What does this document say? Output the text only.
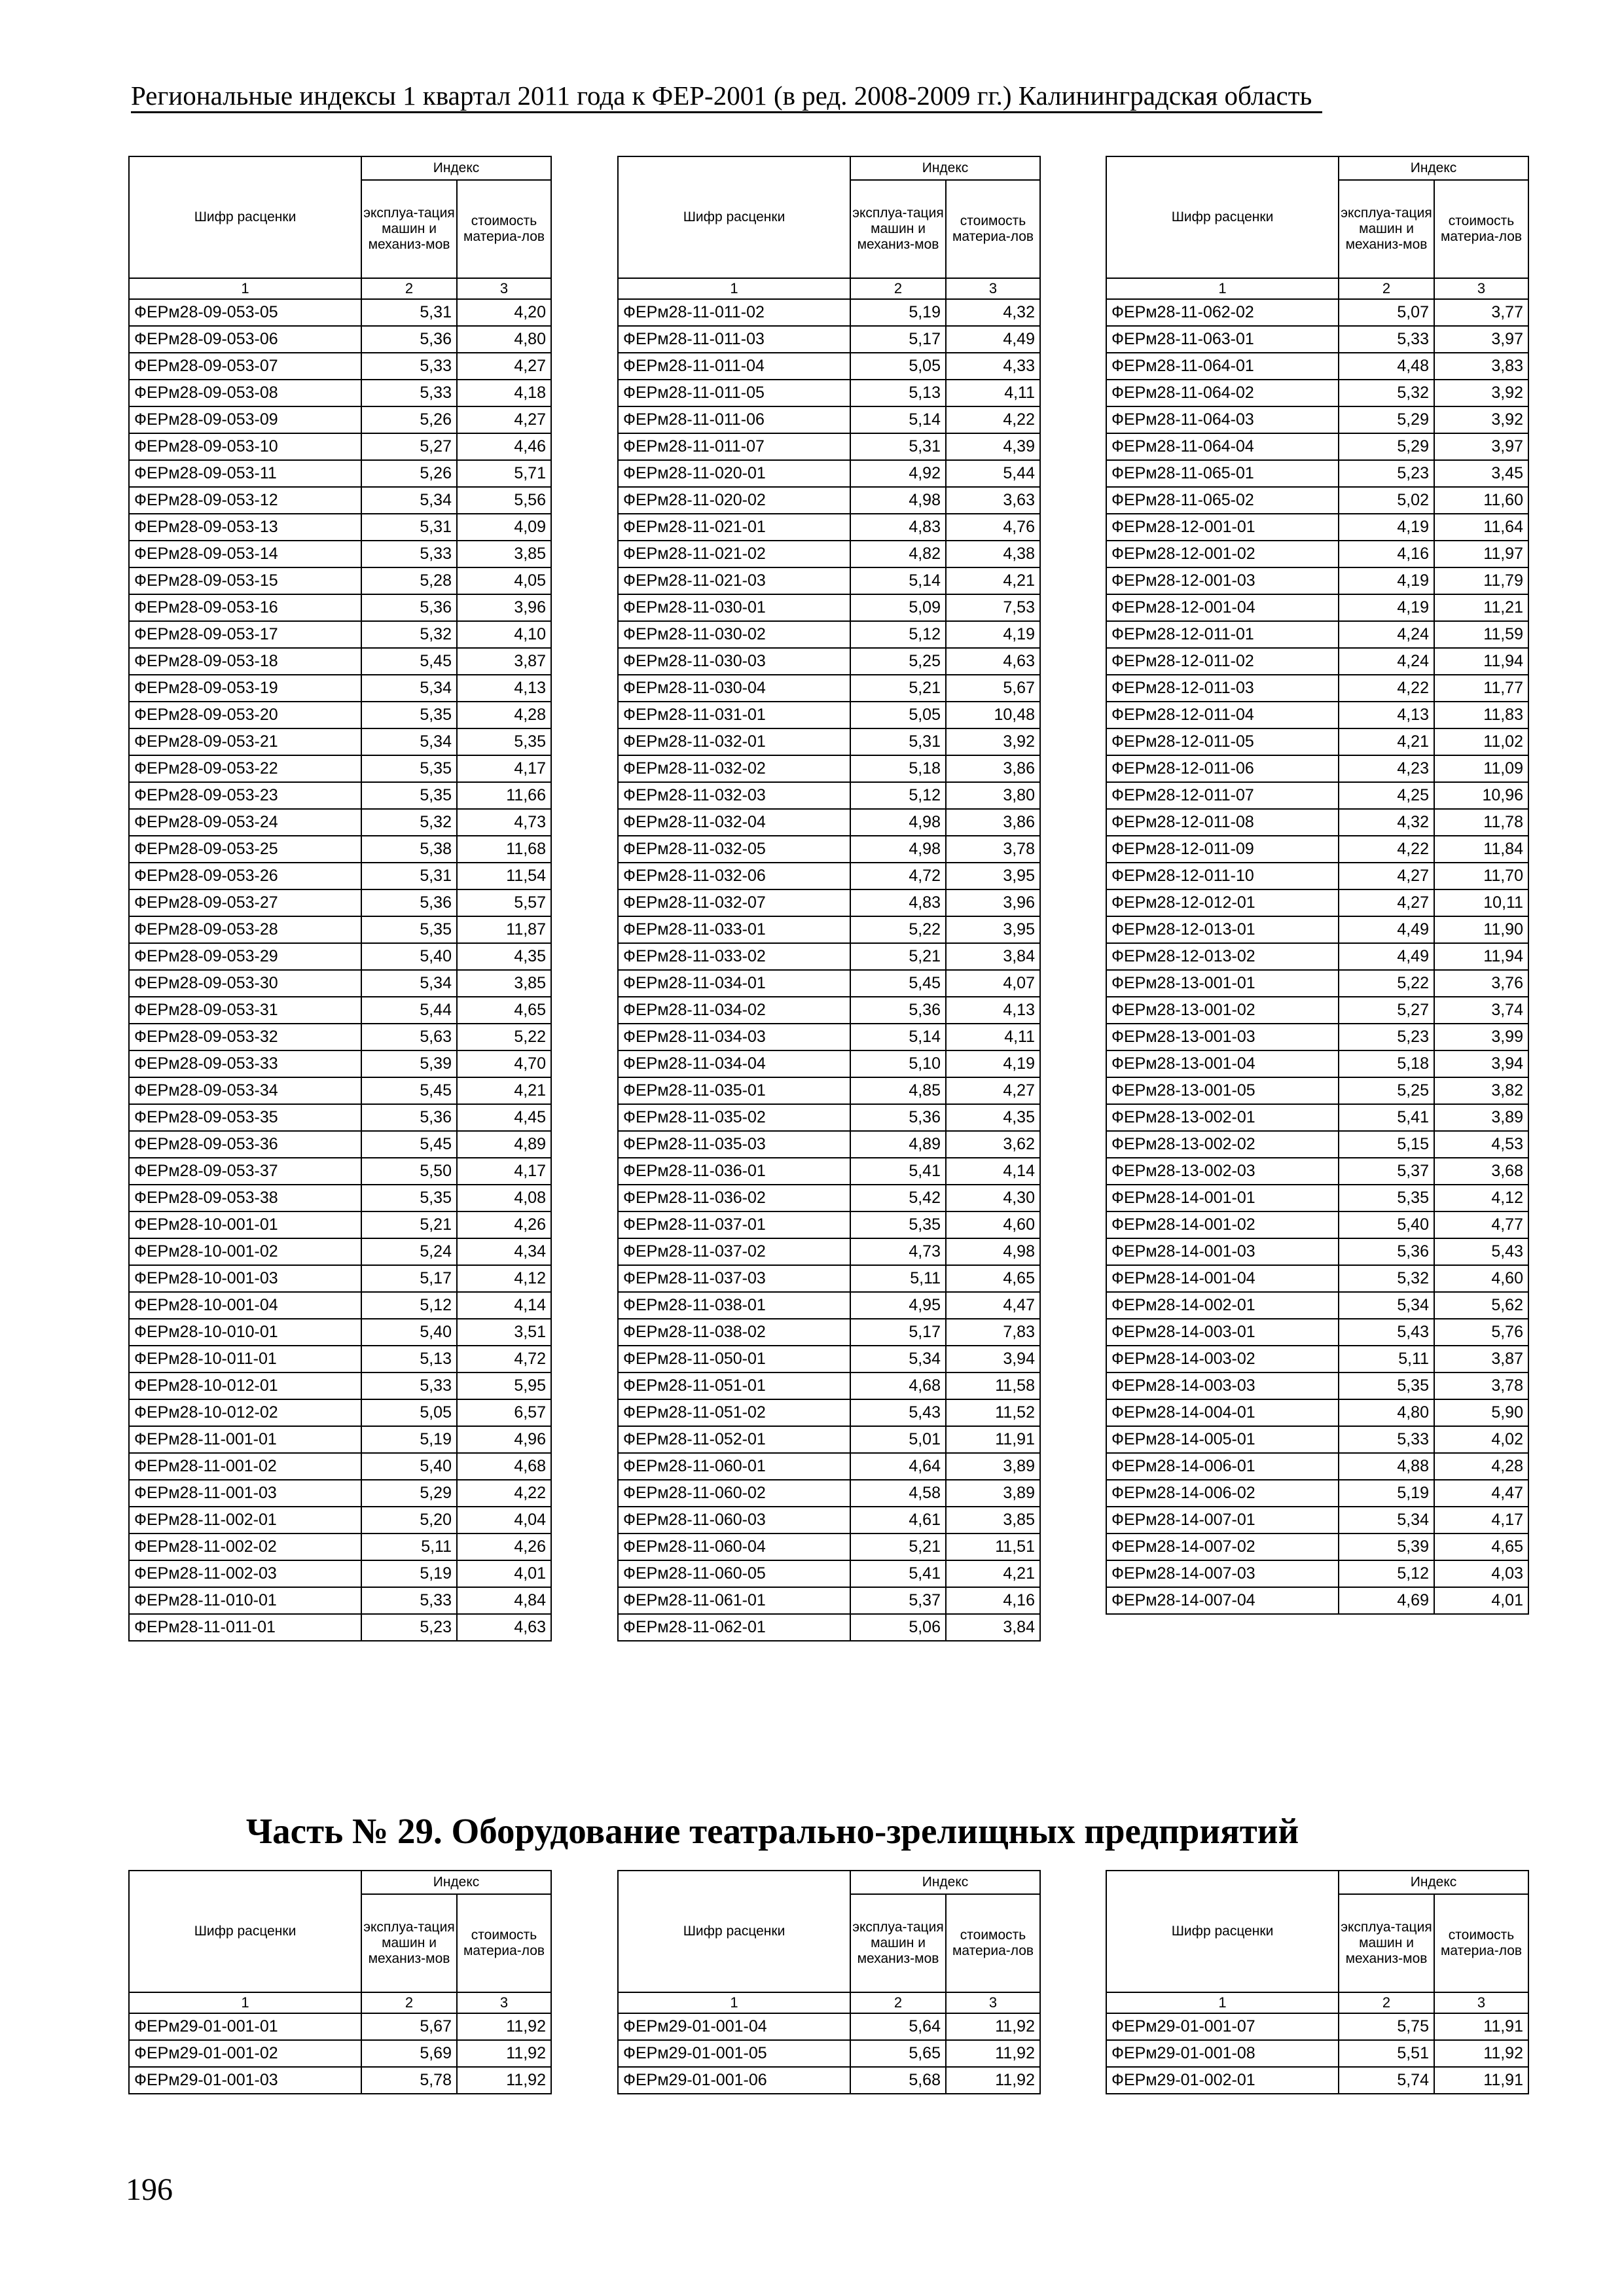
Региональные индексы 1 квартал 2011 года к ФЕР-2001 (в ред. 2008-2009 гг.) Калининградская область
Шифр расценки	Индекс	
	эксплуа-тация машин и механиз-мов	стоимость материа-лов
1	2	3
ФЕРм28-09-053-05	5,31	4,20
ФЕРм28-09-053-06	5,36	4,80
ФЕРм28-09-053-07	5,33	4,27
ФЕРм28-09-053-08	5,33	4,18
ФЕРм28-09-053-09	5,26	4,27
ФЕРм28-09-053-10	5,27	4,46
ФЕРм28-09-053-11	5,26	5,71
ФЕРм28-09-053-12	5,34	5,56
ФЕРм28-09-053-13	5,31	4,09
ФЕРм28-09-053-14	5,33	3,85
ФЕРм28-09-053-15	5,28	4,05
ФЕРм28-09-053-16	5,36	3,96
ФЕРм28-09-053-17	5,32	4,10
ФЕРм28-09-053-18	5,45	3,87
ФЕРм28-09-053-19	5,34	4,13
ФЕРм28-09-053-20	5,35	4,28
ФЕРм28-09-053-21	5,34	5,35
ФЕРм28-09-053-22	5,35	4,17
ФЕРм28-09-053-23	5,35	11,66
ФЕРм28-09-053-24	5,32	4,73
ФЕРм28-09-053-25	5,38	11,68
ФЕРм28-09-053-26	5,31	11,54
ФЕРм28-09-053-27	5,36	5,57
ФЕРм28-09-053-28	5,35	11,87
ФЕРм28-09-053-29	5,40	4,35
ФЕРм28-09-053-30	5,34	3,85
ФЕРм28-09-053-31	5,44	4,65
ФЕРм28-09-053-32	5,63	5,22
ФЕРм28-09-053-33	5,39	4,70
ФЕРм28-09-053-34	5,45	4,21
ФЕРм28-09-053-35	5,36	4,45
ФЕРм28-09-053-36	5,45	4,89
ФЕРм28-09-053-37	5,50	4,17
ФЕРм28-09-053-38	5,35	4,08
ФЕРм28-10-001-01	5,21	4,26
ФЕРм28-10-001-02	5,24	4,34
ФЕРм28-10-001-03	5,17	4,12
ФЕРм28-10-001-04	5,12	4,14
ФЕРм28-10-010-01	5,40	3,51
ФЕРм28-10-011-01	5,13	4,72
ФЕРм28-10-012-01	5,33	5,95
ФЕРм28-10-012-02	5,05	6,57
ФЕРм28-11-001-01	5,19	4,96
ФЕРм28-11-001-02	5,40	4,68
ФЕРм28-11-001-03	5,29	4,22
ФЕРм28-11-002-01	5,20	4,04
ФЕРм28-11-002-02	5,11	4,26
ФЕРм28-11-002-03	5,19	4,01
ФЕРм28-11-010-01	5,33	4,84
ФЕРм28-11-011-01	5,23	4,63
Шифр расценки	Индекс	
	эксплуа-тация машин и механиз-мов	стоимость материа-лов
1	2	3
ФЕРм28-11-011-02	5,19	4,32
ФЕРм28-11-011-03	5,17	4,49
ФЕРм28-11-011-04	5,05	4,33
ФЕРм28-11-011-05	5,13	4,11
ФЕРм28-11-011-06	5,14	4,22
ФЕРм28-11-011-07	5,31	4,39
ФЕРм28-11-020-01	4,92	5,44
ФЕРм28-11-020-02	4,98	3,63
ФЕРм28-11-021-01	4,83	4,76
ФЕРм28-11-021-02	4,82	4,38
ФЕРм28-11-021-03	5,14	4,21
ФЕРм28-11-030-01	5,09	7,53
ФЕРм28-11-030-02	5,12	4,19
ФЕРм28-11-030-03	5,25	4,63
ФЕРм28-11-030-04	5,21	5,67
ФЕРм28-11-031-01	5,05	10,48
ФЕРм28-11-032-01	5,31	3,92
ФЕРм28-11-032-02	5,18	3,86
ФЕРм28-11-032-03	5,12	3,80
ФЕРм28-11-032-04	4,98	3,86
ФЕРм28-11-032-05	4,98	3,78
ФЕРм28-11-032-06	4,72	3,95
ФЕРм28-11-032-07	4,83	3,96
ФЕРм28-11-033-01	5,22	3,95
ФЕРм28-11-033-02	5,21	3,84
ФЕРм28-11-034-01	5,45	4,07
ФЕРм28-11-034-02	5,36	4,13
ФЕРм28-11-034-03	5,14	4,11
ФЕРм28-11-034-04	5,10	4,19
ФЕРм28-11-035-01	4,85	4,27
ФЕРм28-11-035-02	5,36	4,35
ФЕРм28-11-035-03	4,89	3,62
ФЕРм28-11-036-01	5,41	4,14
ФЕРм28-11-036-02	5,42	4,30
ФЕРм28-11-037-01	5,35	4,60
ФЕРм28-11-037-02	4,73	4,98
ФЕРм28-11-037-03	5,11	4,65
ФЕРм28-11-038-01	4,95	4,47
ФЕРм28-11-038-02	5,17	7,83
ФЕРм28-11-050-01	5,34	3,94
ФЕРм28-11-051-01	4,68	11,58
ФЕРм28-11-051-02	5,43	11,52
ФЕРм28-11-052-01	5,01	11,91
ФЕРм28-11-060-01	4,64	3,89
ФЕРм28-11-060-02	4,58	3,89
ФЕРм28-11-060-03	4,61	3,85
ФЕРм28-11-060-04	5,21	11,51
ФЕРм28-11-060-05	5,41	4,21
ФЕРм28-11-061-01	5,37	4,16
ФЕРм28-11-062-01	5,06	3,84
Шифр расценки	Индекс	
	эксплуа-тация машин и механиз-мов	стоимость материа-лов
1	2	3
ФЕРм28-11-062-02	5,07	3,77
ФЕРм28-11-063-01	5,33	3,97
ФЕРм28-11-064-01	4,48	3,83
ФЕРм28-11-064-02	5,32	3,92
ФЕРм28-11-064-03	5,29	3,92
ФЕРм28-11-064-04	5,29	3,97
ФЕРм28-11-065-01	5,23	3,45
ФЕРм28-11-065-02	5,02	11,60
ФЕРм28-12-001-01	4,19	11,64
ФЕРм28-12-001-02	4,16	11,97
ФЕРм28-12-001-03	4,19	11,79
ФЕРм28-12-001-04	4,19	11,21
ФЕРм28-12-011-01	4,24	11,59
ФЕРм28-12-011-02	4,24	11,94
ФЕРм28-12-011-03	4,22	11,77
ФЕРм28-12-011-04	4,13	11,83
ФЕРм28-12-011-05	4,21	11,02
ФЕРм28-12-011-06	4,23	11,09
ФЕРм28-12-011-07	4,25	10,96
ФЕРм28-12-011-08	4,32	11,78
ФЕРм28-12-011-09	4,22	11,84
ФЕРм28-12-011-10	4,27	11,70
ФЕРм28-12-012-01	4,27	10,11
ФЕРм28-12-013-01	4,49	11,90
ФЕРм28-12-013-02	4,49	11,94
ФЕРм28-13-001-01	5,22	3,76
ФЕРм28-13-001-02	5,27	3,74
ФЕРм28-13-001-03	5,23	3,99
ФЕРм28-13-001-04	5,18	3,94
ФЕРм28-13-001-05	5,25	3,82
ФЕРм28-13-002-01	5,41	3,89
ФЕРм28-13-002-02	5,15	4,53
ФЕРм28-13-002-03	5,37	3,68
ФЕРм28-14-001-01	5,35	4,12
ФЕРм28-14-001-02	5,40	4,77
ФЕРм28-14-001-03	5,36	5,43
ФЕРм28-14-001-04	5,32	4,60
ФЕРм28-14-002-01	5,34	5,62
ФЕРм28-14-003-01	5,43	5,76
ФЕРм28-14-003-02	5,11	3,87
ФЕРм28-14-003-03	5,35	3,78
ФЕРм28-14-004-01	4,80	5,90
ФЕРм28-14-005-01	5,33	4,02
ФЕРм28-14-006-01	4,88	4,28
ФЕРм28-14-006-02	5,19	4,47
ФЕРм28-14-007-01	5,34	4,17
ФЕРм28-14-007-02	5,39	4,65
ФЕРм28-14-007-03	5,12	4,03
ФЕРм28-14-007-04	4,69	4,01
Часть № 29. Оборудование театрально-зрелищных предприятий
Шифр расценки	Индекс	
	эксплуа-тация машин и механиз-мов	стоимость материа-лов
1	2	3
ФЕРм29-01-001-01	5,67	11,92
ФЕРм29-01-001-02	5,69	11,92
ФЕРм29-01-001-03	5,78	11,92
Шифр расценки	Индекс	
	эксплуа-тация машин и механиз-мов	стоимость материа-лов
1	2	3
ФЕРм29-01-001-04	5,64	11,92
ФЕРм29-01-001-05	5,65	11,92
ФЕРм29-01-001-06	5,68	11,92
Шифр расценки	Индекс	
	эксплуа-тация машин и механиз-мов	стоимость материа-лов
1	2	3
ФЕРм29-01-001-07	5,75	11,91
ФЕРм29-01-001-08	5,51	11,92
ФЕРм29-01-002-01	5,74	11,91
196
